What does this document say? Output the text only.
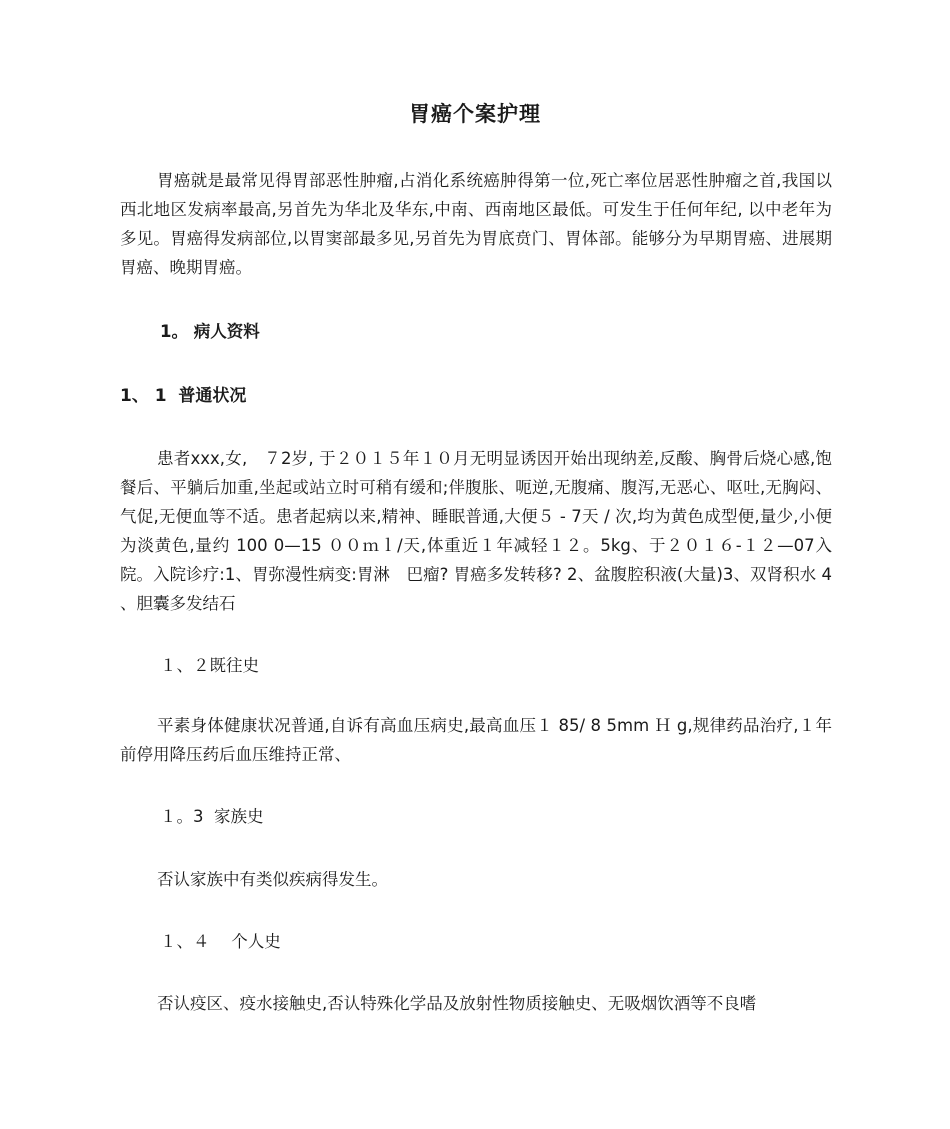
胃癌个案护理
胃癌就是最常见得胃部恶性肿瘤,占消化系统癌肿得第一位,死亡率位居恶性肿瘤之首,我国以西北地区发病率最高,另首先为华北及华东,中南、西南地区最低。可发生于任何年纪, 以中老年为多见。胃癌得发病部位,以胃窦部最多见,另首先为胃底贲门、胃体部。能够分为早期胃癌、进展期胃癌、晚期胃癌。
1。 病人资料
1、 1  普通状况
患者xxx,女,　７2岁, 于２０１５年１０月无明显诱因开始出现纳差,反酸、胸骨后烧心感,饱餐后、平躺后加重,坐起或站立时可稍有缓和;伴腹胀、呃逆,无腹痛、腹泻,无恶心、呕吐,无胸闷、气促,无便血等不适。患者起病以来,精神、睡眠普通,大便５ - 7天 / 次,均为黄色成型便,量少,小便为淡黄色,量约 100 0—15 ００ｍｌ/天,体重近１年减轻１２。5kg、于２０１６-１２—07入院。入院诊疗:1、胃弥漫性病变:胃淋　巴瘤? 胃癌多发转移? 2、盆腹腔积液(大量)3、双肾积水 4 、胆囊多发结石
１、２既往史
平素身体健康状况普通,自诉有高血压病史,最高血压１ 85/ 8 5mm Ｈ g,规律药品治疗,１年前停用降压药后血压维持正常、
１。3  家族史
否认家族中有类似疾病得发生。
１、４　 个人史
否认疫区、疫水接触史,否认特殊化学品及放射性物质接触史、无吸烟饮酒等不良嗜
